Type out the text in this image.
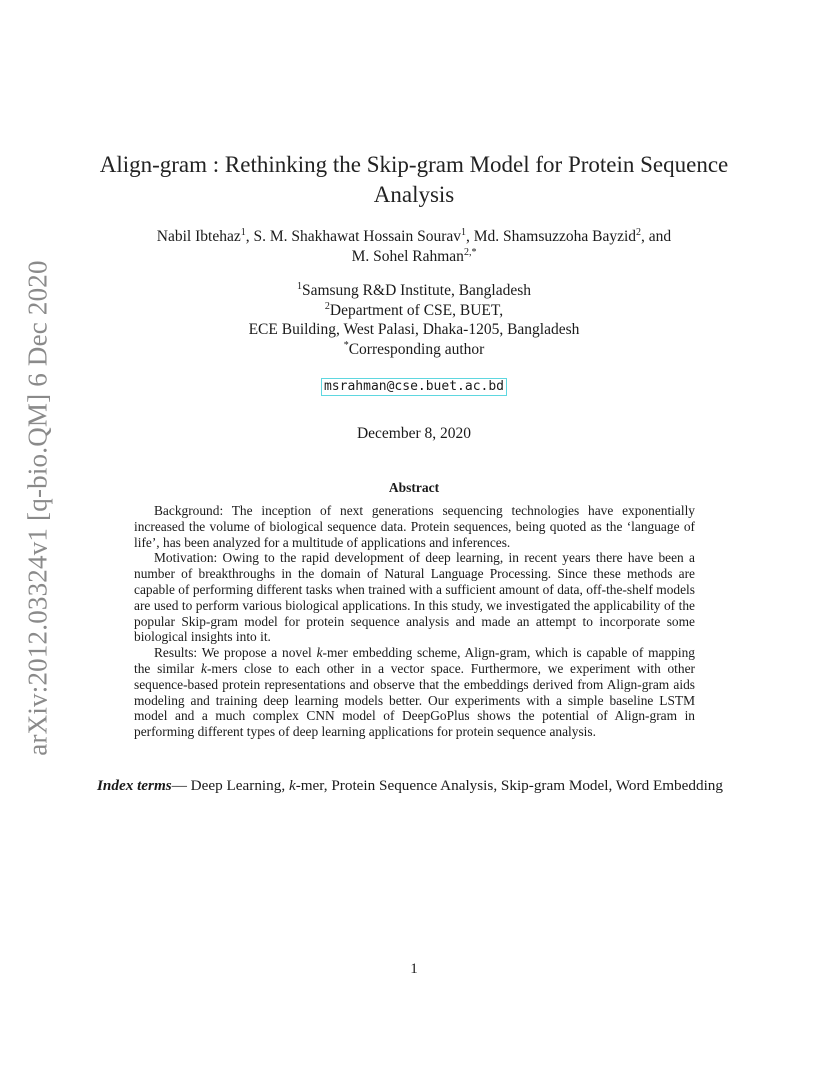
arXiv:2012.03324v1 [q-bio.QM] 6 Dec 2020
Align-gram : Rethinking the Skip-gram Model for Protein Sequence
Analysis
Nabil Ibtehaz$^1$, S. M. Shakhawat Hossain Sourav$^1$, Md. Shamsuzzoha Bayzid$^2$, and
M. Sohel Rahman$^{2,*}$
$^1$Samsung R&D Institute, Bangladesh
$^2$Department of CSE, BUET,
ECE Building, West Palasi, Dhaka-1205, Bangladesh
*Corresponding author
msrahman@cse.buet.ac.bd
December 8, 2020
Abstract

Background: The inception of next generations sequencing technologies have exponentially increased the volume of biological sequence data. Protein sequences, being quoted as the ‘language of life’, has been analyzed for a multitude of applications and inferences.

Motivation: Owing to the rapid development of deep learning, in recent years there have been a number of breakthroughs in the domain of Natural Language Processing. Since these methods are capable of performing different tasks when trained with a sufficient amount of data, off-the-shelf models are used to perform various biological applications. In this study, we investigated the applicability of the popular Skip-gram model for protein sequence analysis and made an attempt to incorporate some biological insights into it.

Results: We propose a novel k-mer embedding scheme, Align-gram, which is capable of mapping the similar k-mers close to each other in a vector space. Furthermore, we experiment with other sequence-based protein representations and observe that the embeddings derived from Align-gram aids modeling and training deep learning models better. Our experiments with a simple baseline LSTM model and a much complex CNN model of DeepGoPlus shows the potential of Align-gram in performing different types of deep learning applications for protein sequence analysis.

Index terms— Deep Learning, k-mer, Protein Sequence Analysis, Skip-gram Model, Word Embedding
1
